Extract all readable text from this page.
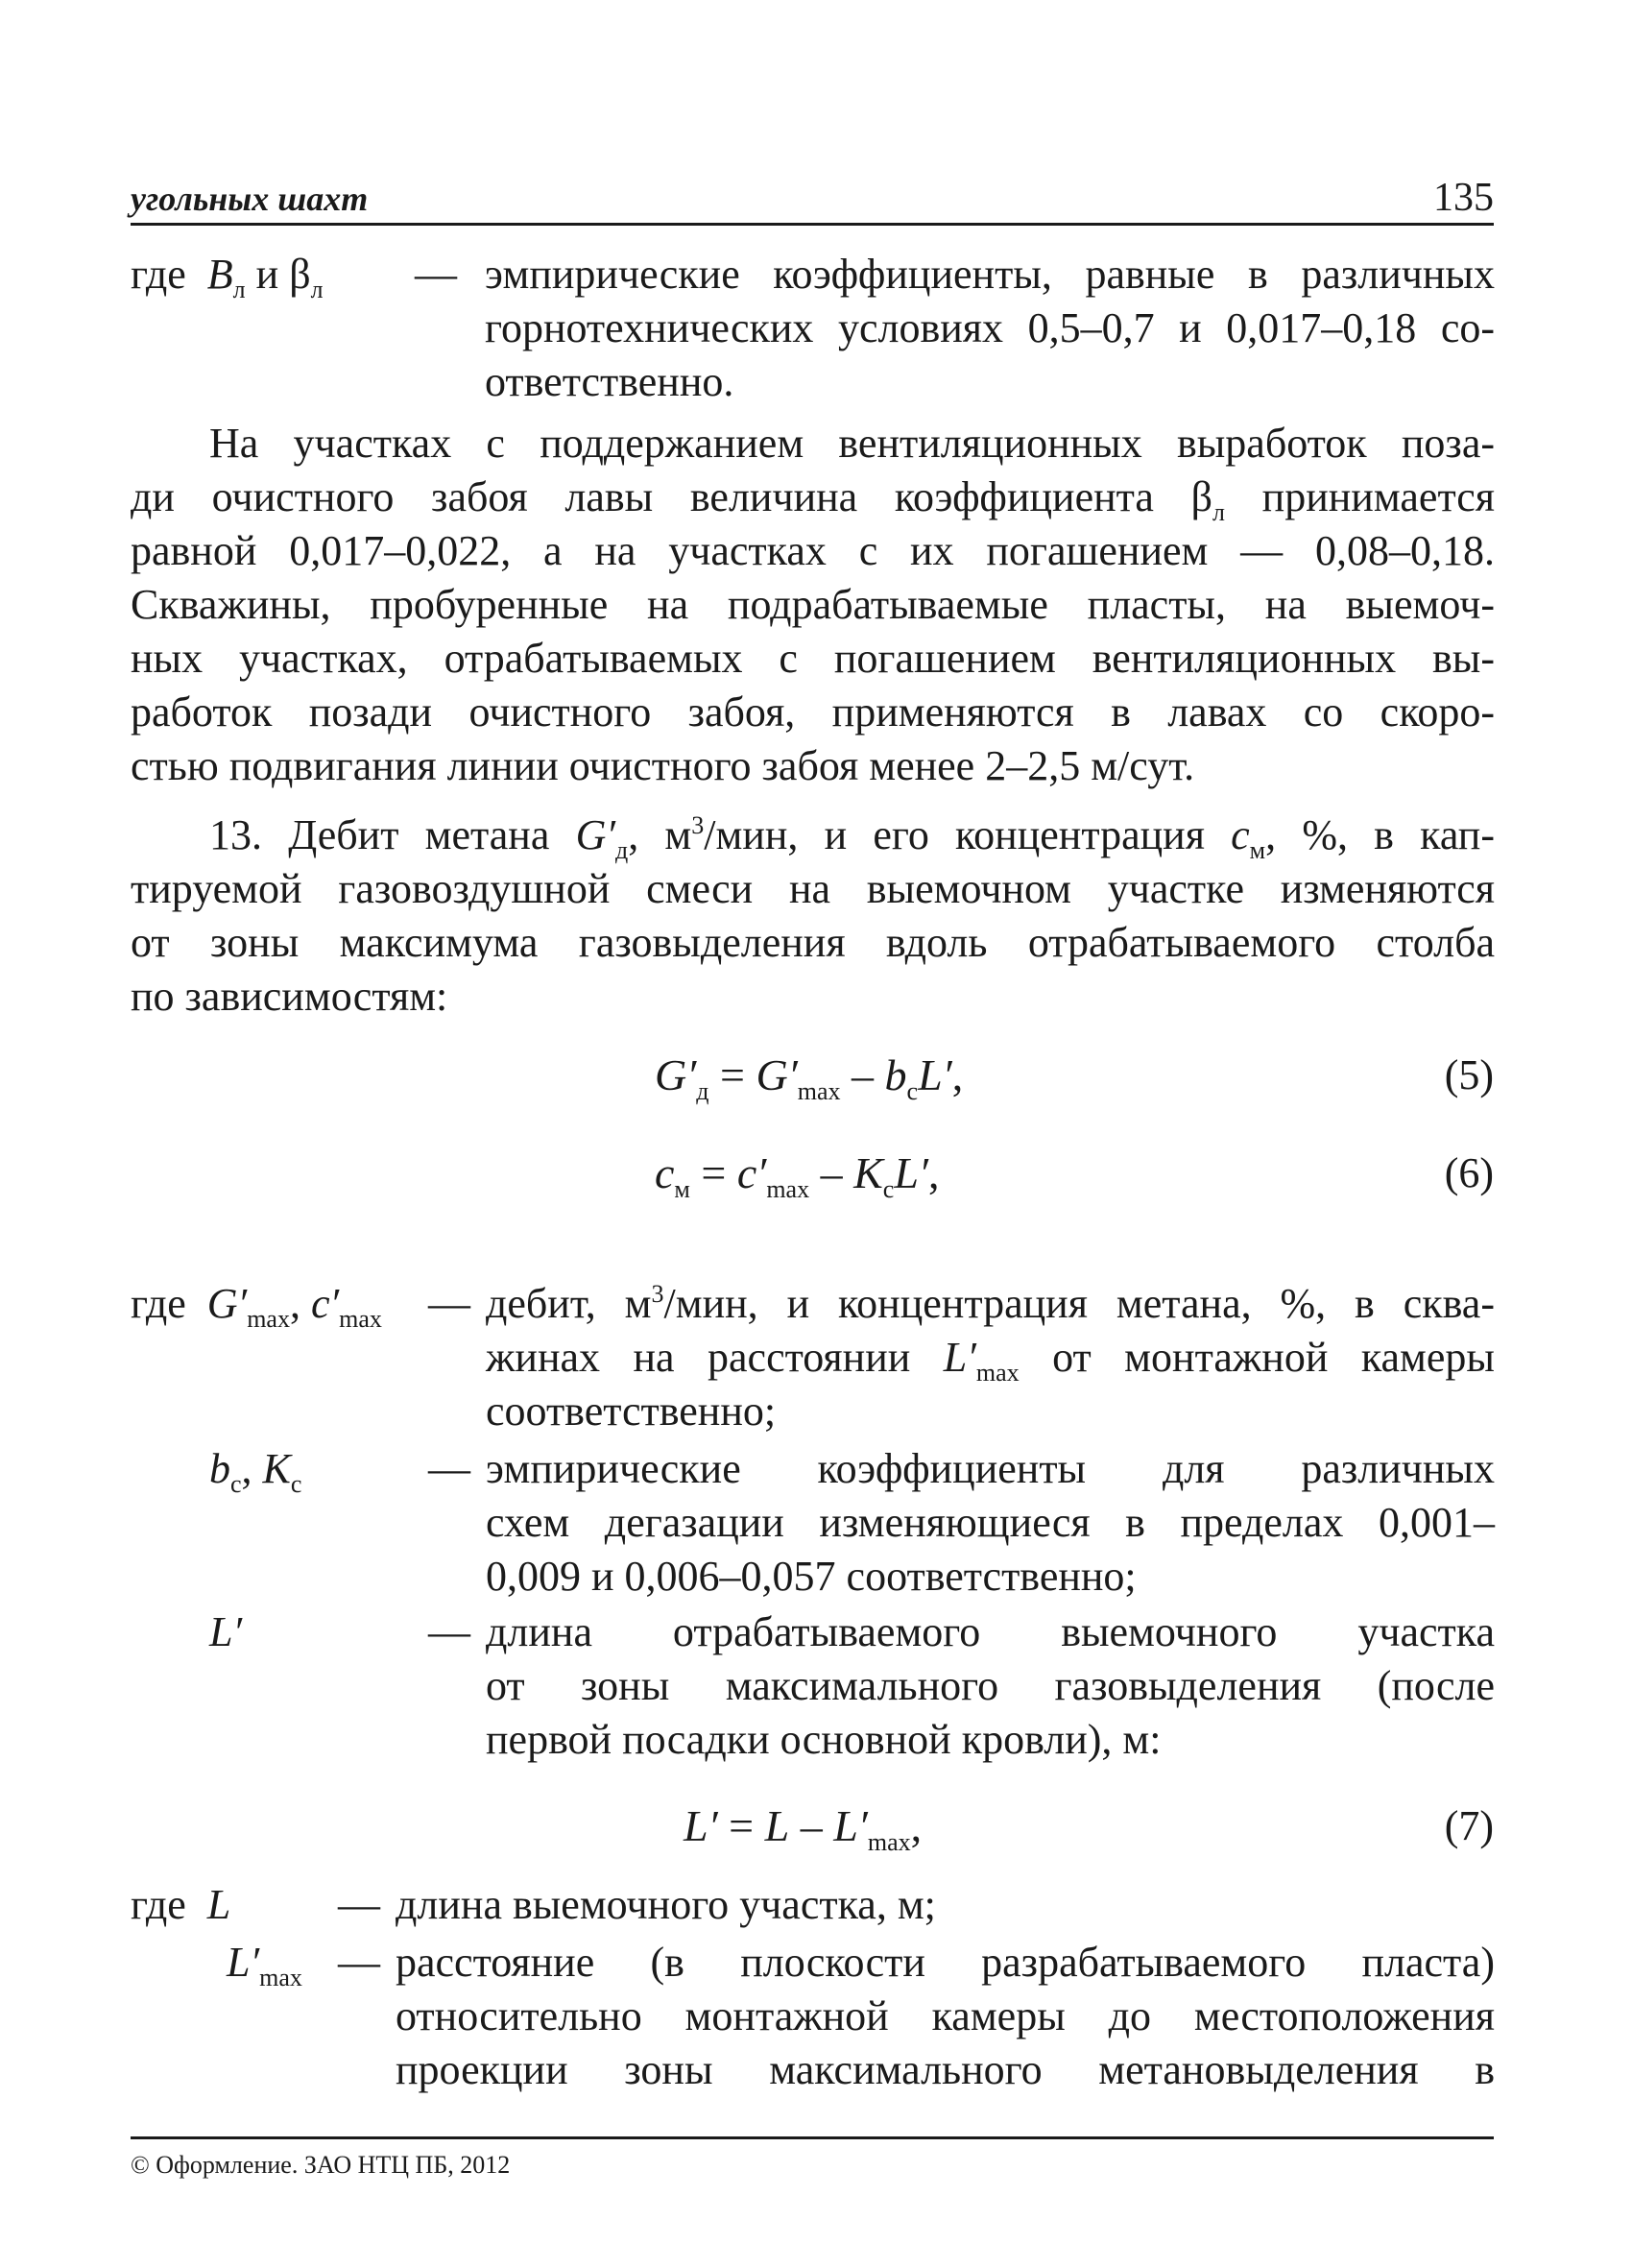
угольных шахт	135
где $В_л$ и $\beta_л$ — эмпирические коэффициенты, равные в различных
горнотехнических условиях 0,5–0,7 и 0,017–0,18 со-
ответственно.
На участках с поддержанием вентиляционных выработок поза-
ди очистного забоя лавы величина коэффициента $\beta_л$ принимается
равной 0,017–0,022, а на участках с их погашением — 0,08–0,18.
Скважины, пробуренные на подрабатываемые пласты, на выемоч-
ных участках, отрабатываемых с погашением вентиляционных вы-
работок позади очистного забоя, применяются в лавах со скоро-
стью подвигания линии очистного забоя менее 2–2,5 м/сут.
13. Дебит метана $G'_д$, $м^3$/мин, и его концентрация $c_м$, %, в кап-
тируемой газовоздушной смеси на выемочном участке изменяются
от зоны максимума газовыделения вдоль отрабатываемого столба
по зависимостям:
$G'_д = G'_{max} - b_сL'$,	(5)
$c_м = c'_{max} - K_сL'$,	(6)
где $G'_{max}$, $c'_{max}$ — дебит, $м^3$/мин, и концентрация метана, %, в сква-
жинах на расстоянии $L'_{max}$ от монтажной камеры
соответственно;
$b_с$, $K_с$	— эмпирические коэффициенты для различных
схем дегазации изменяющиеся в пределах 0,001–
0,009 и 0,006–0,057 соответственно;
L′	— длина отрабатываемого выемочного участка
от зоны максимального газовыделения (после
первой посадки основной кровли), м:
$L' = L - L'_{max}$,	(7)
где L	— длина выемочного участка, м;
$L'_{max}$ — расстояние (в плоскости разрабатываемого пласта)
относительно монтажной камеры до местоположения
проекции зоны максимального метановыделения в
© Оформление. ЗАО НТЦ ПБ, 2012
